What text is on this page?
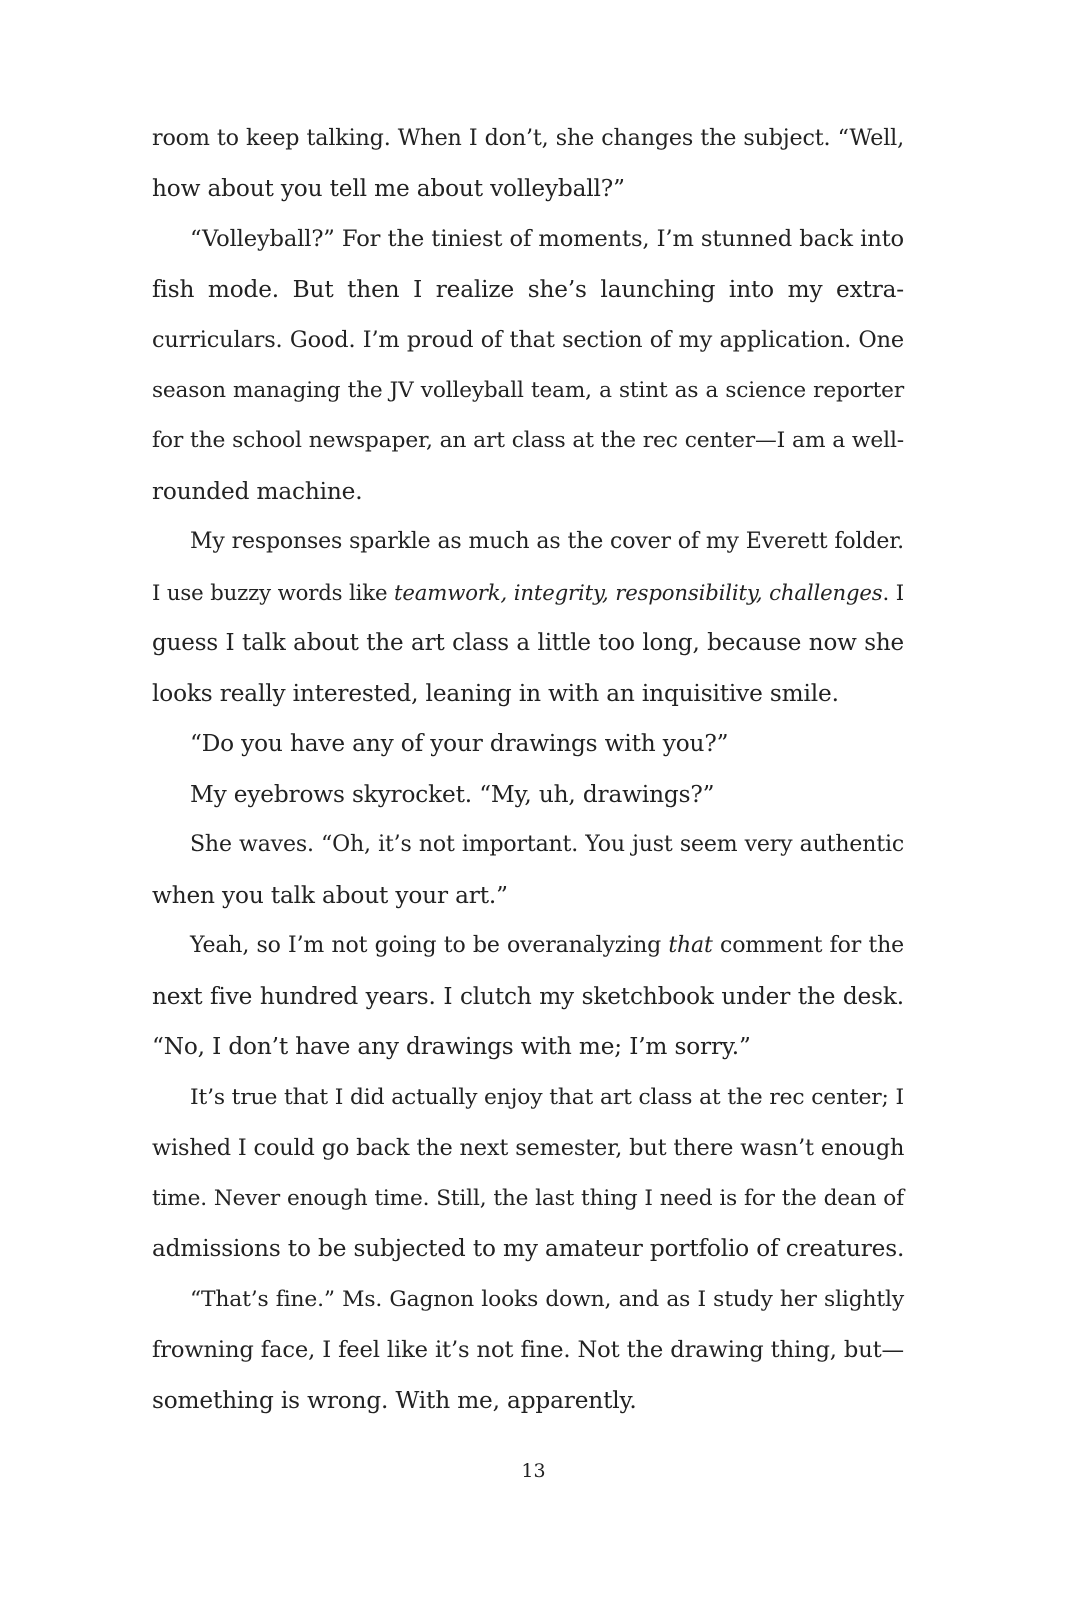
room to keep talking. When I don’t, she changes the subject. “Well,
how about you tell me about volleyball?”
“Volleyball?” For the tiniest of moments, I’m stunned back into
fish mode. But then I realize she’s launching into my extra-
curriculars. Good. I’m proud of that section of my application. One
season managing the JV volleyball team, a stint as a science reporter
for the school newspaper, an art class at the rec center—I am a well-
rounded machine.
My responses sparkle as much as the cover of my Everett folder.
I use buzzy words like teamwork, integrity, responsibility, challenges. I
guess I talk about the art class a little too long, because now she
looks really interested, leaning in with an inquisitive smile.
“Do you have any of your drawings with you?”
My eyebrows skyrocket. “My, uh, drawings?”
She waves. “Oh, it’s not important. You just seem very authentic
when you talk about your art.”
Yeah, so I’m not going to be overanalyzing that comment for the
next five hundred years. I clutch my sketchbook under the desk.
“No, I don’t have any drawings with me; I’m sorry.”
It’s true that I did actually enjoy that art class at the rec center; I
wished I could go back the next semester, but there wasn’t enough
time. Never enough time. Still, the last thing I need is for the dean of
admissions to be subjected to my amateur portfolio of creatures.
“That’s fine.” Ms. Gagnon looks down, and as I study her slightly
frowning face, I feel like it’s not fine. Not the drawing thing, but—
something is wrong. With me, apparently.
13
